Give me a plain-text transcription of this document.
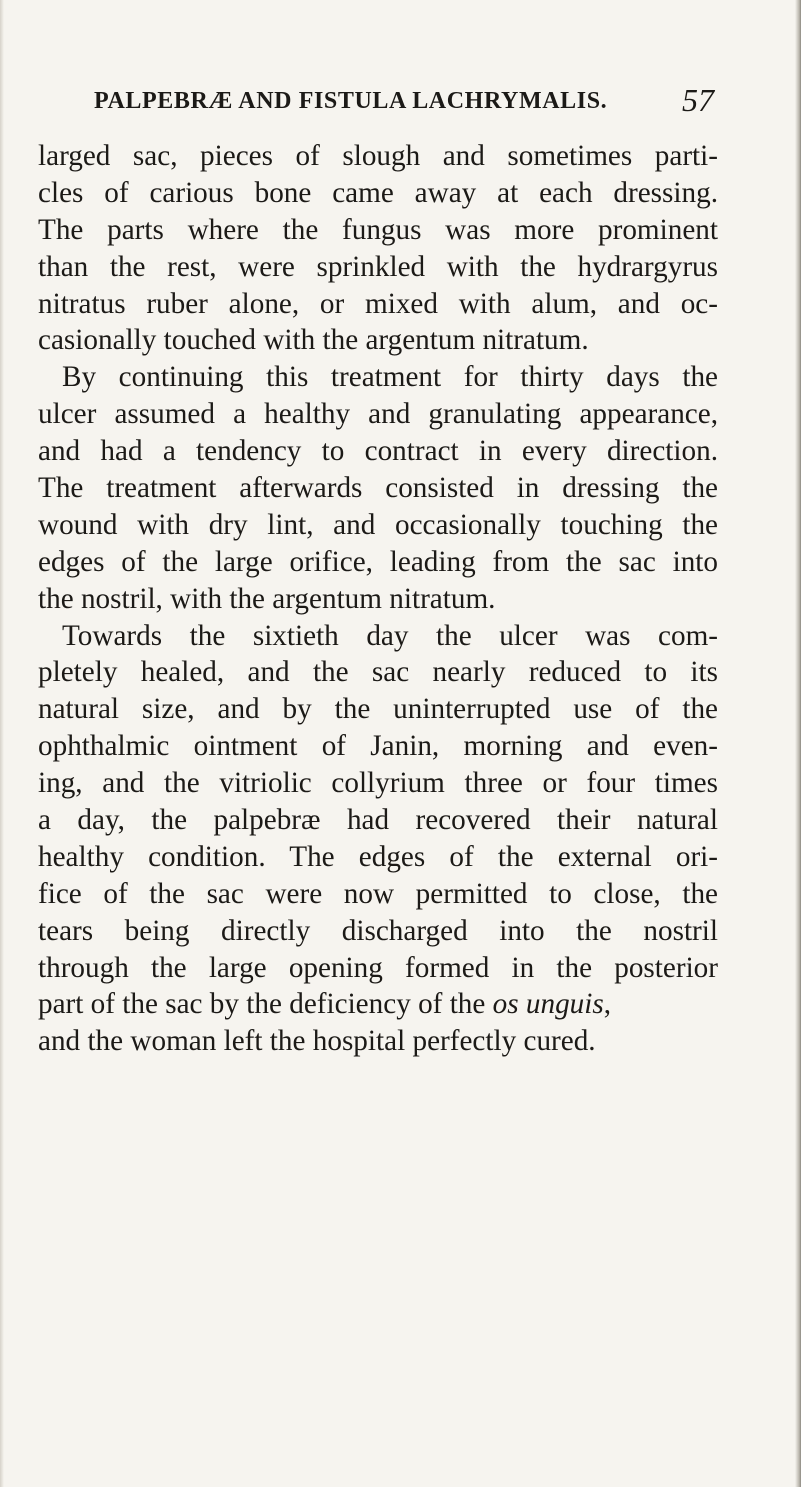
PALPEBRÆ AND FISTULA LACHRYMALIS. 57
larged sac, pieces of slough and sometimes parti-
cles of carious bone came away at each dressing.
The parts where the fungus was more prominent
than the rest, were sprinkled with the hydrargyrus
nitratus ruber alone, or mixed with alum, and oc-
casionally touched with the argentum nitratum.
By continuing this treatment for thirty days the
ulcer assumed a healthy and granulating appearance,
and had a tendency to contract in every direction.
The treatment afterwards consisted in dressing the
wound with dry lint, and occasionally touching the
edges of the large orifice, leading from the sac into
the nostril, with the argentum nitratum.
Towards the sixtieth day the ulcer was com-
pletely healed, and the sac nearly reduced to its
natural size, and by the uninterrupted use of the
ophthalmic ointment of Janin, morning and even-
ing, and the vitriolic collyrium three or four times
a day, the palpebræ had recovered their natural
healthy condition. The edges of the external ori-
fice of the sac were now permitted to close, the
tears being directly discharged into the nostril
through the large opening formed in the posterior
part of the sac by the deficiency of the os unguis,
and the woman left the hospital perfectly cured.
